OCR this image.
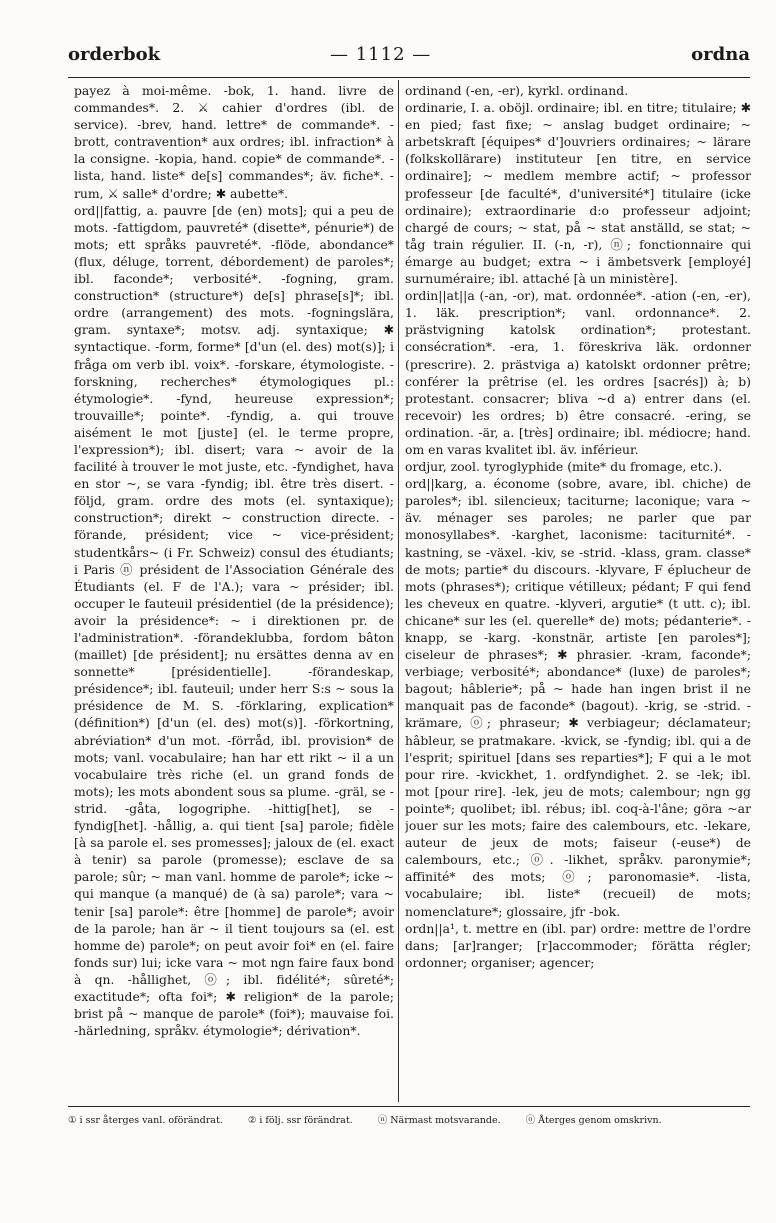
orderbok	— 1112 —	ordna

payez à moi-même. -bok, 1. hand. livre de commandes*. 2. ⚔ cahier d'ordres (ibl. de service). -brev, hand. lettre* de commande*. -brott, contravention* aux ordres; ibl. infraction* à la consigne. -kopia, hand. copie* de commande*. -lista, hand. liste* de[s] commandes*; äv. fiche*. -rum, ⚔ salle* d'ordre; ✱ aubette*.

ord||fattig, a. pauvre [de (en) mots]; qui a peu de mots. -fattigdom, pauvreté* (disette*, pénurie*) de mots; ett språks pauvreté*. -flöde, abondance* (flux, déluge, torrent, débordement) de paroles*; ibl. faconde*; verbosité*. -fogning, gram. construction* (structure*) de[s] phrase[s]*; ibl. ordre (arrangement) des mots. -fogningslära, gram. syntaxe*; motsv. adj. syntaxique; ✱ syntactique. -form, forme* [d'un (el. des) mot(s)]; i fråga om verb ibl. voix*. -forskare, étymologiste. -forskning, recherches* étymologiques pl.: étymologie*. -fynd, heureuse expression*; trouvaille*; pointe*. -fyndig, a. qui trouve aisément le mot [juste] (el. le terme propre, l'expression*); ibl. disert; vara ~ avoir de la facilité à trouver le mot juste, etc. -fyndighet, hava en stor ~, se vara -fyndig; ibl. être très disert. -följd, gram. ordre des mots (el. syntaxique); construction*; direkt ~ construction directe. -förande, président; vice ~ vice-président; studentkårs~ (i Fr. Schweiz) consul des étudiants; i Paris ⓝ président de l'Association Générale des Étudiants (el. F de l'A.); vara ~ présider; ibl. occuper le fauteuil présidentiel (de la présidence); avoir la présidence*: ~ i direktionen pr. de l'administration*. -förandeklubba, fordom bâton (maillet) [de président]; nu ersättes denna av en sonnette* [présidentielle]. -förandeskap, présidence*; ibl. fauteuil; under herr S:s ~ sous la présidence de M. S. -förklaring, explication* (définition*) [d'un (el. des) mot(s)]. -förkortning, abréviation* d'un mot. -förråd, ibl. provision* de mots; vanl. vocabulaire; han har ett rikt ~ il a un vocabulaire très riche (el. un grand fonds de mots); les mots abondent sous sa plume. -gräl, se -strid. -gåta, logogriphe. -hittig[het], se -fyndig[het]. -hållig, a. qui tient [sa] parole; fidèle [à sa parole el. ses promesses]; jaloux de (el. exact à tenir) sa parole (promesse); esclave de sa parole; sûr; ~ man vanl. homme de parole*; icke ~ qui manque (a manqué) de (à sa) parole*; vara ~ tenir [sa] parole*: être [homme] de parole*; avoir de la parole; han är ~ il tient toujours sa (el. est homme de) parole*; on peut avoir foi* en (el. faire fonds sur) lui; icke vara ~ mot ngn faire faux bond à qn. -hållighet, ⓞ; ibl. fidélité*; sûreté*; exactitude*; ofta foi*; ✱ religion* de la parole; brist på ~ manque de parole* (foi*); mauvaise foi. -härledning, språkv. étymologie*; dérivation*.

ordinand (-en, -er), kyrkl. ordinand.

ordinarie, I. a. oböjl. ordinaire; ibl. en titre; titulaire; ✱ en pied; fast fixe; ~ anslag budget ordinaire; ~ arbetskraft [équipes* d']ouvriers ordinaires; ~ lärare (folkskollärare) instituteur [en titre, en service ordinaire]; ~ medlem membre actif; ~ professor professeur [de faculté*, d'université*] titulaire (icke ordinaire); extraordinarie d:o professeur adjoint; chargé de cours; ~ stat, på ~ stat anställd, se stat; ~ tåg train régulier. II. (-n, -r), ⓝ; fonctionnaire qui émarge au budget; extra ~ i ämbetsverk [employé] surnuméraire; ibl. attaché [à un ministère].

ordin||at||a (-an, -or), mat. ordonnée*. -ation (-en, -er), 1. läk. prescription*; vanl. ordonnance*. 2. prästvigning katolsk ordination*; protestant. consécration*. -era, 1. föreskriva läk. ordonner (prescrire). 2. prästviga a) katolskt ordonner prêtre; conférer la prêtrise (el. les ordres [sacrés]) à; b) protestant. consacrer; bliva ~d a) entrer dans (el. recevoir) les ordres; b) être consacré. -ering, se ordination. -är, a. [très] ordinaire; ibl. médiocre; hand. om en varas kvalitet ibl. äv. inférieur.

ordjur, zool. tyroglyphide (mite* du fromage, etc.).

ord||karg, a. économe (sobre, avare, ibl. chiche) de paroles*; ibl. silencieux; taciturne; laconique; vara ~ äv. ménager ses paroles; ne parler que par monosyllabes*. -karghet, laconisme: taciturnité*. -kastning, se -växel. -kiv, se -strid. -klass, gram. classe* de mots; partie* du discours. -klyvare, F éplucheur de mots (phrases*); critique vétilleux; pédant; F qui fend les cheveux en quatre. -klyveri, argutie* (t utt. c); ibl. chicane* sur les (el. querelle* de) mots; pédanterie*. -knapp, se -karg. -konstnär, artiste [en paroles*]; ciseleur de phrases*; ✱ phrasier. -kram, faconde*; verbiage; verbosité*; abondance* (luxe) de paroles*; bagout; hâblerie*; på ~ hade han ingen brist il ne manquait pas de faconde* (bagout). -krig, se -strid. -krämare, ⓞ; phraseur; ✱ verbiageur; déclamateur; hâbleur, se pratmakare. -kvick, se -fyndig; ibl. qui a de l'esprit; spirituel [dans ses reparties*]; F qui a le mot pour rire. -kvickhet, 1. ordfyndighet. 2. se -lek; ibl. mot [pour rire]. -lek, jeu de mots; calembour; ngn gg pointe*; quolibet; ibl. rébus; ibl. coq-à-l'âne; göra ~ar jouer sur les mots; faire des calembours, etc. -lekare, auteur de jeux de mots; faiseur (-euse*) de calembours, etc.; ⓞ. -likhet, språkv. paronymie*; affinité* des mots; ⓞ; paronomasie*. -lista, vocabulaire; ibl. liste* (recueil) de mots; nomenclature*; glossaire, jfr -bok.

ordn||a¹, t. mettre en (ibl. par) ordre: mettre de l'ordre dans; [ar]ranger; [r]accommoder; förätta régler; ordonner; organiser; agencer;

① i ssr återges vanl. oförändrat.	② i följ. ssr förändrat.	ⓝ Närmast motsvarande.	ⓞ Återges genom omskrivn.
